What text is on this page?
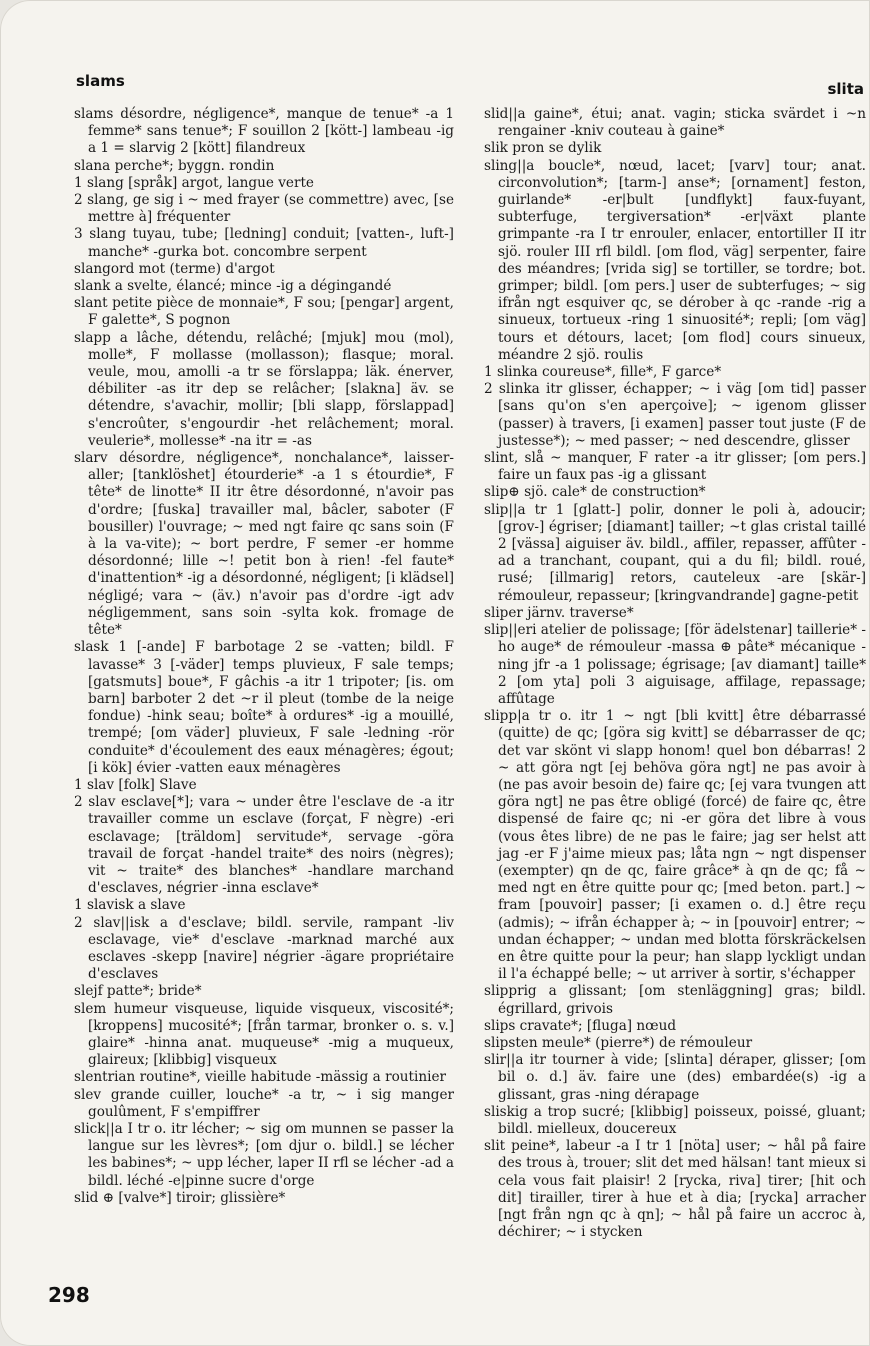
slams	slita

slams désordre, négligence*, manque de tenue* -a 1 femme* sans tenue*; F souillon 2 [kött-] lambeau -ig a 1 = slarvig 2 [kött] filandreux

slana perche*; byggn. rondin

1 slang [språk] argot, langue verte

2 slang, ge sig i ~ med frayer (se commettre) avec, [se mettre à] fréquenter

3 slang tuyau, tube; [ledning] conduit; [vatten-, luft-] manche* -gurka bot. concombre serpent

slangord mot (terme) d'argot

slank a svelte, élancé; mince -ig a dégingandé

slant petite pièce de monnaie*, F sou; [pengar] argent, F galette*, S pognon

slapp a lâche, détendu, relâché; [mjuk] mou (mol), molle*, F mollasse (mollasson); flasque; moral. veule, mou, amolli -a tr se förslappa; läk. énerver, débiliter -as itr dep se relâcher; [slakna] äv. se détendre, s'avachir, mollir; [bli slapp, förslappad] s'encroûter, s'engourdir -het relâchement; moral. veulerie*, mollesse* -na itr = -as

slarv désordre, négligence*, nonchalance*, laisser-aller; [tanklöshet] étourderie* -a 1 s étourdie*, F tête* de linotte* II itr être désordonné, n'avoir pas d'ordre; [fuska] travailler mal, bâcler, saboter (F bousiller) l'ouvrage; ~ med ngt faire qc sans soin (F à la va-vite); ~ bort perdre, F semer -er homme désordonné; lille ~! petit bon à rien! -fel faute* d'inattention* -ig a désordonné, négligent; [i klädsel] négligé; vara ~ (äv.) n'avoir pas d'ordre -igt adv négligemment, sans soin -sylta kok. fromage de tête*

slask 1 [-ande] F barbotage 2 se -vatten; bildl. F lavasse* 3 [-väder] temps pluvieux, F sale temps; [gatsmuts] boue*, F gâchis -a itr 1 tripoter; [is. om barn] barboter 2 det ~r il pleut (tombe de la neige fondue) -hink seau; boîte* à ordures* -ig a mouillé, trempé; [om väder] pluvieux, F sale -ledning -rör conduite* d'écoulement des eaux ménagères; égout; [i kök] évier -vatten eaux ménagères

1 slav [folk] Slave

2 slav esclave[*]; vara ~ under être l'esclave de -a itr travailler comme un esclave (forçat, F nègre) -eri esclavage; [träldom] servitude*, servage -göra travail de forçat -handel traite* des noirs (nègres); vit ~ traite* des blanches* -handlare marchand d'esclaves, négrier -inna esclave*

1 slavisk a slave

2 slav||isk a d'esclave; bildl. servile, rampant -liv esclavage, vie* d'esclave -marknad marché aux esclaves -skepp [navire] négrier -ägare propriétaire d'esclaves

slejf patte*; bride*

slem humeur visqueuse, liquide visqueux, viscosité*; [kroppens] mucosité*; [från tarmar, bronker o. s. v.] glaire* -hinna anat. muqueuse* -mig a muqueux, glaireux; [klibbig] visqueux

slentrian routine*, vieille habitude -mässig a routinier

slev grande cuiller, louche* -a tr, ~ i sig manger goulûment, F s'empiffrer

slick||a I tr o. itr lécher; ~ sig om munnen se passer la langue sur les lèvres*; [om djur o. bildl.] se lécher les babines*; ~ upp lécher, laper II rfl se lécher -ad a bildl. léché -e|pinne sucre d'orge

slid ⊕ [valve*] tiroir; glissière*

slid||a gaine*, étui; anat. vagin; sticka svärdet i ~n rengainer -kniv couteau à gaine*

slik pron se dylik

sling||a boucle*, nœud, lacet; [varv] tour; anat. circonvolution*; [tarm-] anse*; [ornament] feston, guirlande* -er|bult [undflykt] faux-fuyant, subterfuge, tergiversation* -er|växt plante grimpante -ra I tr enrouler, enlacer, entortiller II itr sjö. rouler III rfl bildl. [om flod, väg] serpenter, faire des méandres; [vrida sig] se tortiller, se tordre; bot. grimper; bildl. [om pers.] user de subterfuges; ~ sig ifrån ngt esquiver qc, se dérober à qc -rande -rig a sinueux, tortueux -ring 1 sinuosité*; repli; [om väg] tours et détours, lacet; [om flod] cours sinueux, méandre 2 sjö. roulis

1 slinka coureuse*, fille*, F garce*

2 slinka itr glisser, échapper; ~ i väg [om tid] passer [sans qu'on s'en aperçoive]; ~ igenom glisser (passer) à travers, [i examen] passer tout juste (F de justesse*); ~ med passer; ~ ned descendre, glisser

slint, slå ~ manquer, F rater -a itr glisser; [om pers.] faire un faux pas -ig a glissant

slip⊕ sjö. cale* de construction*

slip||a tr 1 [glatt-] polir, donner le poli à, adoucir; [grov-] égriser; [diamant] tailler; ~t glas cristal taillé 2 [vässa] aiguiser äv. bildl., affiler, repasser, affûter -ad a tranchant, coupant, qui a du fil; bildl. roué, rusé; [illmarig] retors, cauteleux -are [skär-] rémouleur, repasseur; [kringvandrande] gagne-petit

sliper järnv. traverse*

slip||eri atelier de polissage; [för ädelstenar] taillerie* -ho auge* de rémouleur -massa ⊕ pâte* mécanique -ning jfr -a 1 polissage; égrisage; [av diamant] taille* 2 [om yta] poli 3 aiguisage, affilage, repassage; affûtage

slipp|a tr o. itr 1 ~ ngt [bli kvitt] être débarrassé (quitte) de qc; [göra sig kvitt] se débarrasser de qc; det var skönt vi slapp honom! quel bon débarras! 2 ~ att göra ngt [ej behöva göra ngt] ne pas avoir à (ne pas avoir besoin de) faire qc; [ej vara tvungen att göra ngt] ne pas être obligé (forcé) de faire qc, être dispensé de faire qc; ni -er göra det libre à vous (vous êtes libre) de ne pas le faire; jag ser helst att jag -er F j'aime mieux pas; låta ngn ~ ngt dispenser (exempter) qn de qc, faire grâce* à qn de qc; få ~ med ngt en être quitte pour qc; [med beton. part.] ~ fram [pouvoir] passer; [i examen o. d.] être reçu (admis); ~ ifrån échapper à; ~ in [pouvoir] entrer; ~ undan échapper; ~ undan med blotta förskräckelsen en être quitte pour la peur; han slapp lyckligt undan il l'a échappé belle; ~ ut arriver à sortir, s'échapper

slipprig a glissant; [om stenläggning] gras; bildl. égrillard, grivois

slips cravate*; [fluga] nœud

slipsten meule* (pierre*) de rémouleur

slir||a itr tourner à vide; [slinta] déraper, glisser; [om bil o. d.] äv. faire une (des) embardée(s) -ig a glissant, gras -ning dérapage

sliskig a trop sucré; [klibbig] poisseux, poissé, gluant; bildl. mielleux, doucereux

slit peine*, labeur -a I tr 1 [nöta] user; ~ hål på faire des trous à, trouer; slit det med hälsan! tant mieux si cela vous fait plaisir! 2 [rycka, riva] tirer; [hit och dit] tirailler, tirer à hue et à dia; [rycka] arracher [ngt från ngn qc à qn]; ~ hål på faire un accroc à, déchirer; ~ i stycken

298
